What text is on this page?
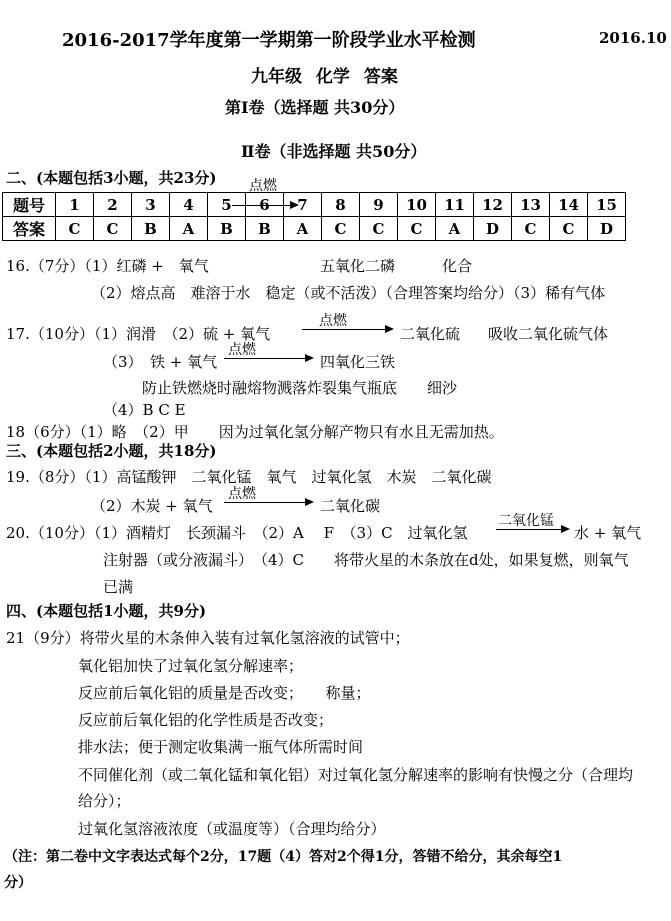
2016-2017学年度第一学期第一阶段学业水平检测	2016.10
九年级 化学 答案
第Ⅰ卷（选择题 共30分）
Ⅱ卷（非选择题 共50分）
二、(本题包括3小题，共23分) 点燃
题号	1	2	3	4	5	6	7	8	9	10	11	12	13	14	15
答案	C	C	B	A	B	B	A	C	C	C	A	D	C	C	D
16.（7分）（1）红磷 +　氧气	五氧化二磷	化合
（2）熔点高　难溶于水　稳定（或不活泼）（合理答案均给分）（3）稀有气体
17.（10分）（1）润滑　（2）硫 + 氧气
点燃
二氧化硫 吸收二氧化硫气体
（3）　铁 + 氧气
点燃
四氧化三铁
防止铁燃烧时融熔物溅落炸裂集气瓶底　　细沙
（4）B C E
18（6分）（1）略　（2）甲　　因为过氧化氢分解产物只有水且无需加热。
三、(本题包括2小题，共18分)
19.（8分）（1）高锰酸钾　二氧化锰　氧气　过氧化氢　木炭　二氧化碳
（2）木炭 + 氧气
点燃
二氧化碳
20.（10分）（1）酒精灯　长颈漏斗　（2）A　 F　（3）C　过氧化氢
二氧化锰
水 + 氧气
注射器（或分液漏斗）　（4）C　　将带火星的木条放在d处，如果复燃，则氧气
已满
四、(本题包括1小题，共9分)
21（9分）将带火星的木条伸入装有过氧化氢溶液的试管中；
氧化铝加快了过氧化氢分解速率；
反应前后氧化铝的质量是否改变；　　称量；
反应前后氧化铝的化学性质是否改变；
排水法；便于测定收集满一瓶气体所需时间
不同催化剂（或二氧化锰和氧化铝）对过氧化氢分解速率的影响有快慢之分（合理均
给分）；
过氧化氢溶液浓度（或温度等）（合理均给分）
（注：第二卷中文字表达式每个2分，17题（4）答对2个得1分，答错不给分，其余每空1
分）
